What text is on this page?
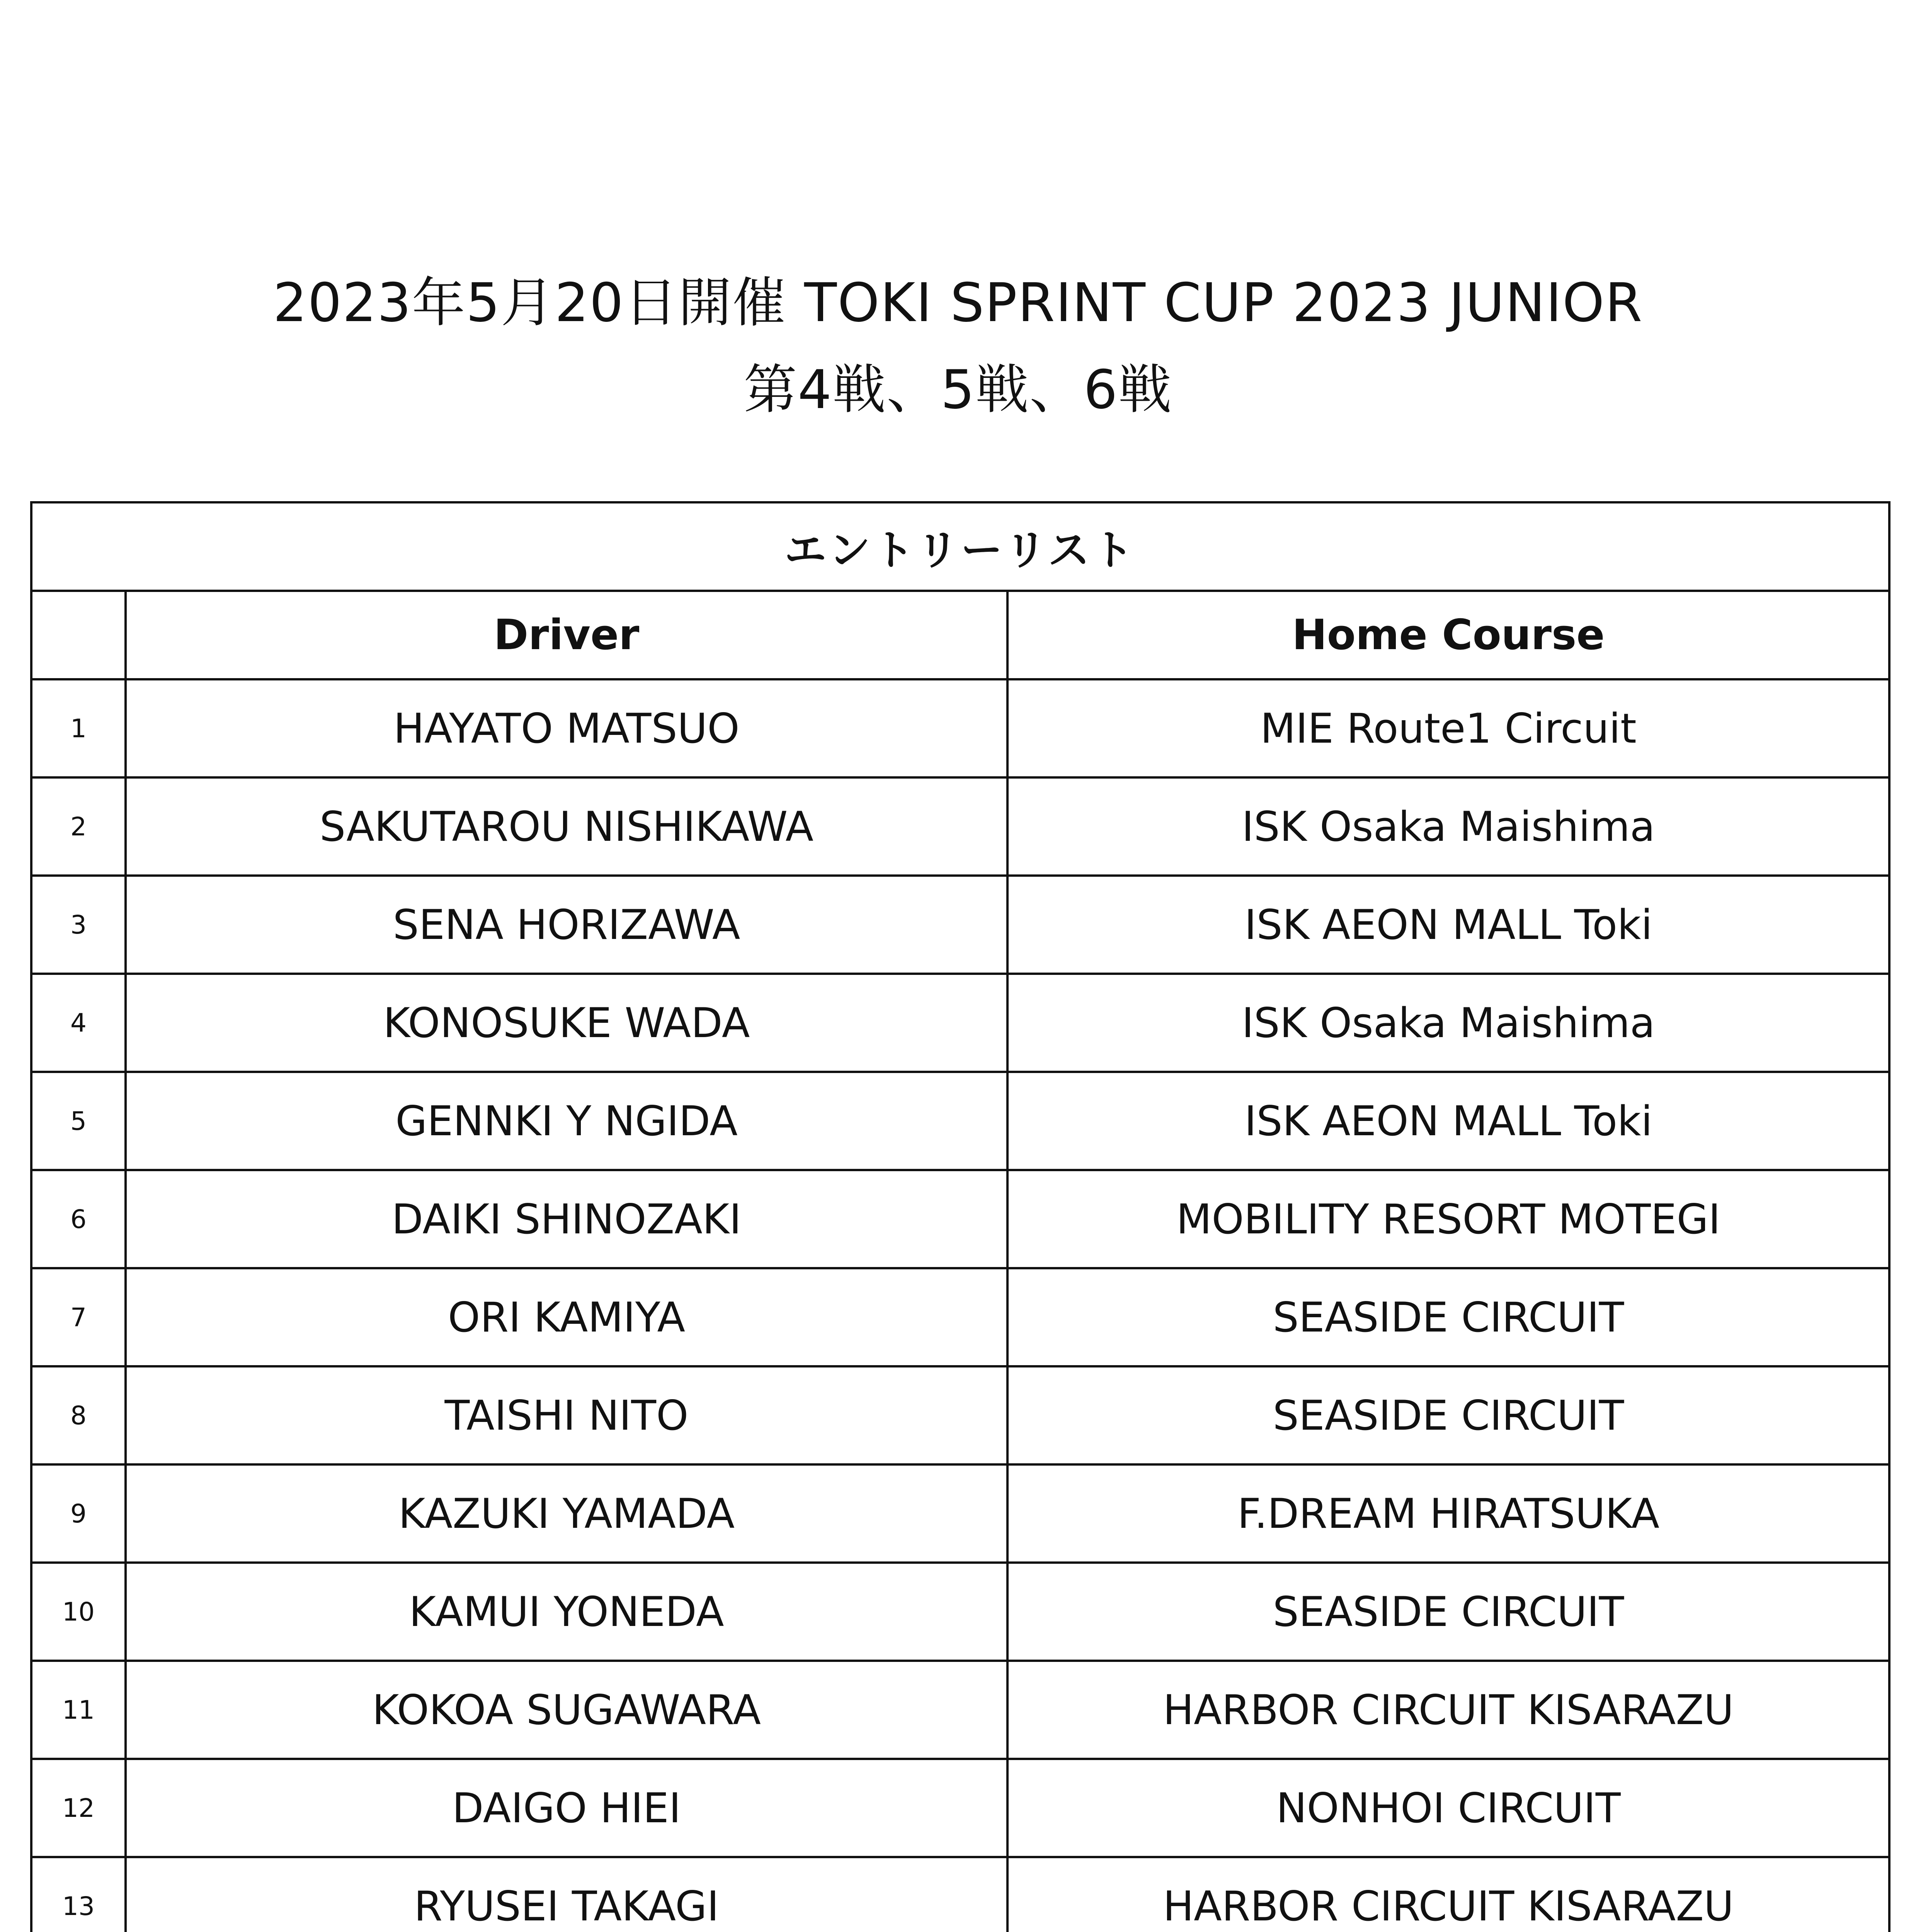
2023年5月20日開催 TOKI SPRINT CUP 2023 JUNIOR
第4戦、5戦、6戦
エントリーリスト		
	Driver	Home Course
1	HAYATO MATSUO	MIE Route1 Circuit
2	SAKUTAROU NISHIKAWA	ISK Osaka Maishima
3	SENA HORIZAWA	ISK AEON MALL Toki
4	KONOSUKE WADA	ISK Osaka Maishima
5	GENNKI Y NGIDA	ISK AEON MALL Toki
6	DAIKI SHINOZAKI	MOBILITY RESORT MOTEGI
7	ORI KAMIYA	SEASIDE CIRCUIT
8	TAISHI NITO	SEASIDE CIRCUIT
9	KAZUKI YAMADA	F.DREAM HIRATSUKA
10	KAMUI YONEDA	SEASIDE CIRCUIT
11	KOKOA SUGAWARA	HARBOR CIRCUIT KISARAZU
12	DAIGO HIEI	NONHOI CIRCUIT
13	RYUSEI TAKAGI	HARBOR CIRCUIT KISARAZU
